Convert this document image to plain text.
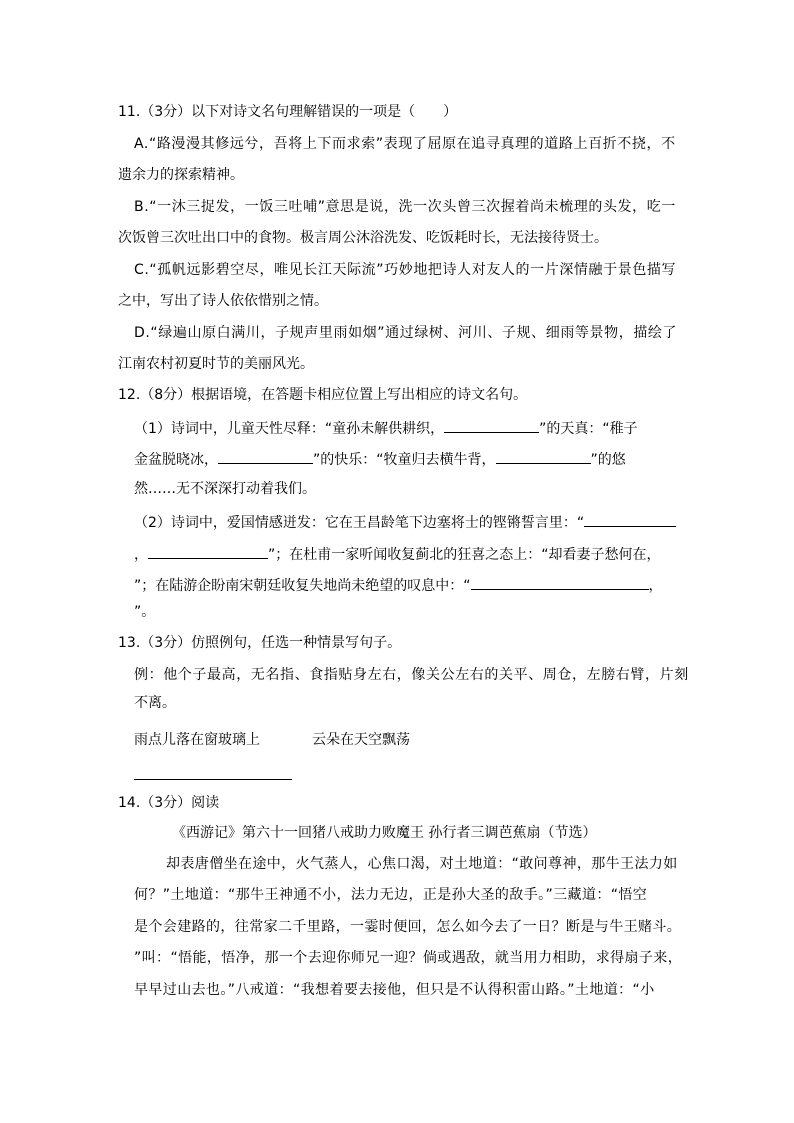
11.（3分）以下对诗文名句理解错误的一项是（　　）
A.“路漫漫其修远兮，吾将上下而求索”表现了屈原在追寻真理的道路上百折不挠，不
遗余力的探索精神。
B.“一沐三捉发，一饭三吐哺”意思是说，洗一次头曾三次握着尚未梳理的头发，吃一
次饭曾三次吐出口中的食物。极言周公沐浴洗发、吃饭耗时长，无法接待贤士。
C.“孤帆远影碧空尽，唯见长江天际流”巧妙地把诗人对友人的一片深情融于景色描写
之中，写出了诗人依依惜别之情。
D.“绿遍山原白满川，子规声里雨如烟”通过绿树、河川、子规、细雨等景物，描绘了
江南农村初夏时节的美丽风光。
12.（8分）根据语境，在答题卡相应位置上写出相应的诗文名句。
（1）诗词中，儿童天性尽释：“童孙未解供耕织，	”的天真：“稚子
金盆脱晓冰，	”的快乐：“牧童归去横牛背，	”的悠
然……无不深深打动着我们。
（2）诗词中，爱国情感迸发：它在王昌龄笔下边塞将士的铿锵誓言里：“
，	”；在杜甫一家听闻收复蓟北的狂喜之态上：“却看妻子愁何在，
”；在陆游企盼南宋朝廷收复失地尚未绝望的叹息中：“	，
”。
13.（3分）仿照例句，任选一种情景写句子。
例：他个子最高，无名指、食指贴身左右，像关公左右的关平、周仓，左膀右臂，片刻
不离。
雨点儿落在窗玻璃上	云朵在天空飘荡
14.（3分）阅读
《西游记》第六十一回猪八戒助力败魔王 孙行者三调芭蕉扇（节选）
却表唐僧坐在途中，火气蒸人，心焦口渴，对土地道：“敢问尊神，那牛王法力如
何？”土地道：“那牛王神通不小，法力无边，正是孙大圣的敌手。”三藏道：“悟空
是个会建路的，往常家二千里路，一霎时便回，怎么如今去了一日？断是与牛王赌斗。
”叫：“悟能，悟净，那一个去迎你师兄一迎？倘或遇敌，就当用力相助，求得扇子来，
早早过山去也。”八戒道：“我想着要去接他，但只是不认得积雷山路。”土地道：“小
